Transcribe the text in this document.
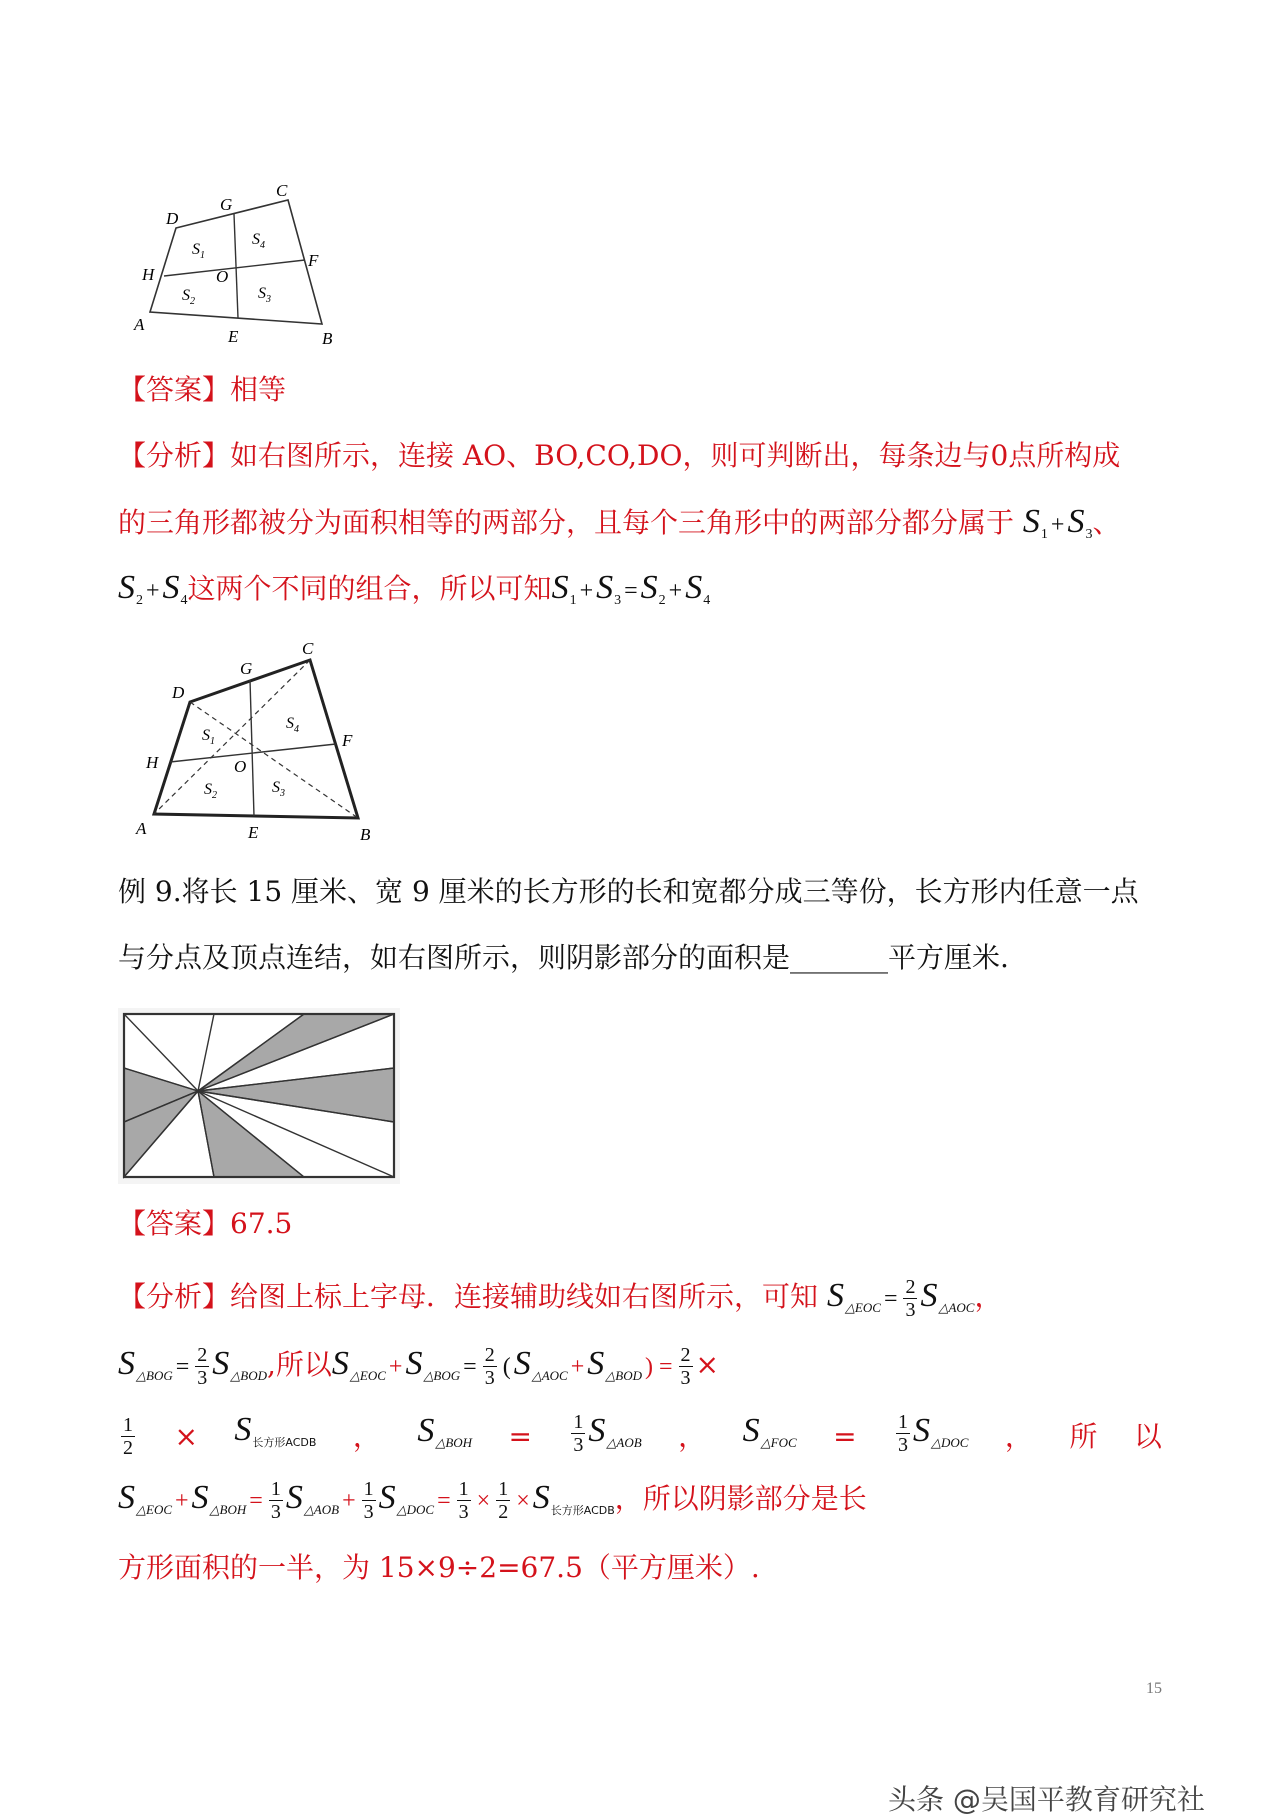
A
B
C
D
E
F
G
H	O
$S_1$
$S_4$
$S_2$	$S_3$
【答案】相等
【分析】如右图所示，连接 AO、BO,CO,DO，则可判断出，每条边与0点所构成
的三角形都被分为面积相等的两部分，且每个三角形中的两部分都分属于 $S_1 +S_3$、
$S_2 +S_4$这两个不同的组合，所以可知$S_1 +S_3 =S_2 +S_4$
A	B
C
D
E
F
G
H	O
$S_1$
$S_4$
$S_2$	$S_3$
例 9.将长 15 厘米、宽 9 厘米的长方形的长和宽都分成三等份，长方形内任意一点
与分点及顶点连结，如右图所示，则阴影部分的面积是_______平方厘米.
【答案】67.5
【分析】给图上标上字母．连接辅助线如右图所示，可知 $S_{\triangle EOC} = \frac{2}{3} S_{\triangle AOC}$，
$S_{\triangle BOG} = \frac{2}{3} S_{\triangle BOD}$,所以$S_{\triangle EOC} +S_{\triangle BOG} = \frac{2}{3} (S_{\triangle AOC} +S_{\triangle BOD}$ ) = $\frac{2}{3}$ ×
$\frac{1}{2} \times S_{长方形ACDB}$ ， $S_{\triangle BOH} = \frac{1}{3} S_{\triangle AOB}$ ， $S_{\triangle FOC} = \frac{1}{3} S_{\triangle DOC}$ ， 所 以
$S_{\triangle EOC} +S_{\triangle BOH} = \frac{1}{3} S_{\triangle AOB} + \frac{1}{3} S_{\triangle DOC} = \frac{1}{3} \times \frac{1}{2} \times S_{长方形ACDB}$，所以阴影部分是长
方形面积的一半，为 15×9÷2=67.5（平方厘米）.
15
头条 @吴国平教育研究社
